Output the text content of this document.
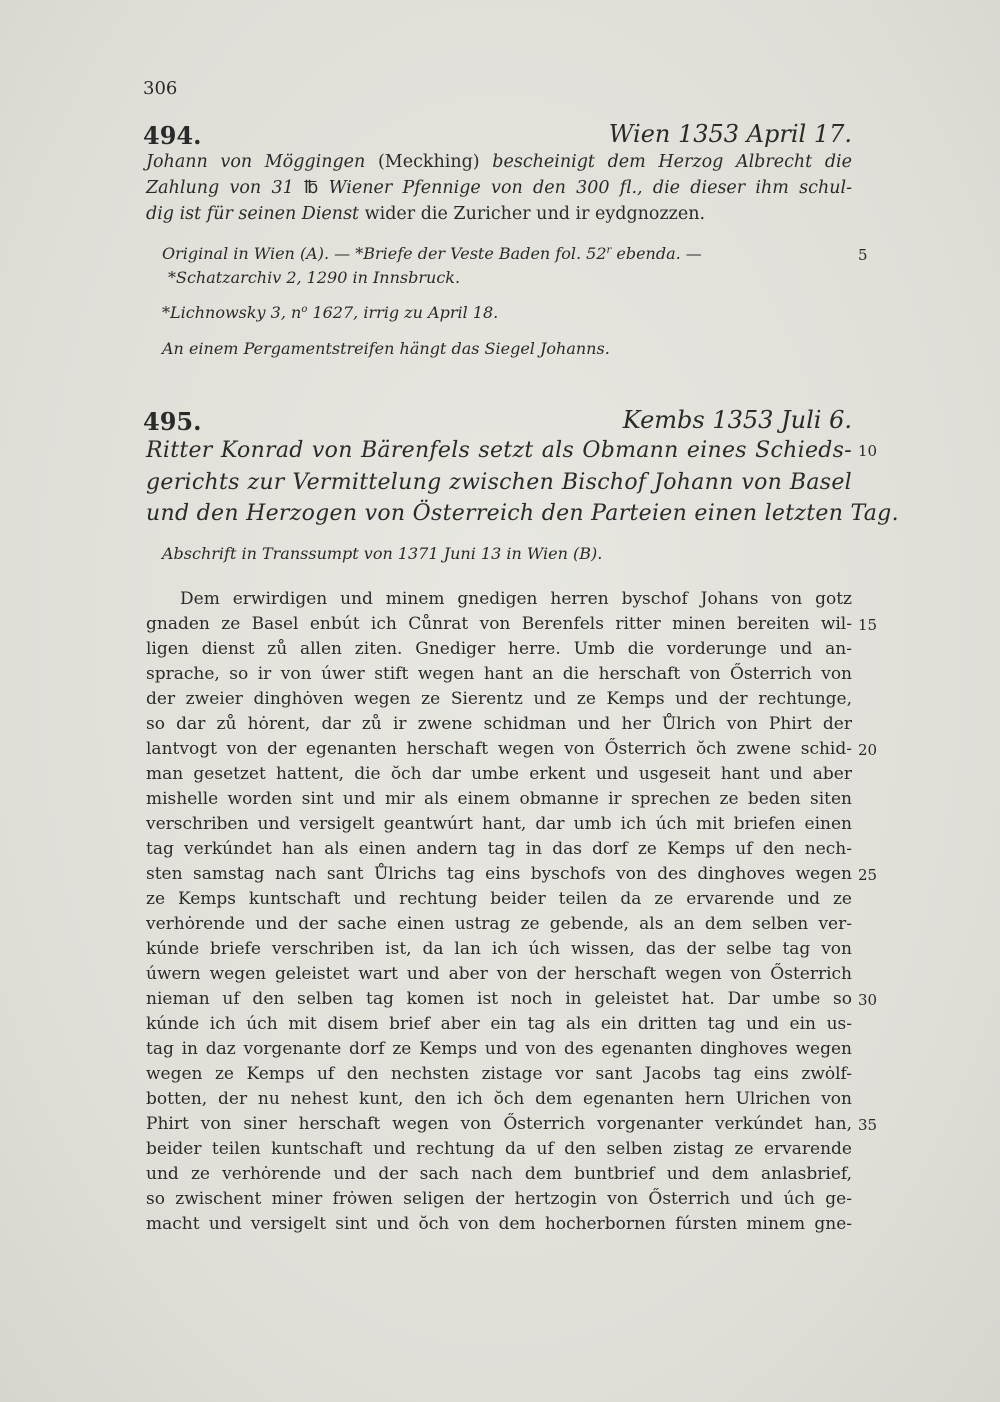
306
494.	Wien 1353 April 17.
Johann von Möggingen (Meckhing) bescheinigt dem Herzog Albrecht die
Zahlung von 31 ℔ Wiener Pfennige von den 300 fl., die dieser ihm schul-
dig ist für seinen Dienst wider die Zuricher und ir eydgnozzen.
Original in Wien (A). — *Briefe der Veste Baden fol. 52$^r$ ebenda. —
*Schatzarchiv 2, 1290 in Innsbruck.
*Lichnowsky 3, $n^o$ 1627, irrig zu April 18.
An einem Pergamentstreifen hängt das Siegel Johanns.
495.	Kembs 1353 Juli 6.
Ritter Konrad von Bärenfels setzt als Obmann eines Schieds-
gerichts zur Vermittelung zwischen Bischof Johann von Basel
und den Herzogen von Österreich den Parteien einen letzten Tag.
Abschrift in Transsumpt von 1371 Juni 13 in Wien (B).
Dem erwirdigen und minem gnedigen herren byschof Johans von gotz
gnaden ze Basel enbút ich Cůnrat von Berenfels ritter minen bereiten wil-
ligen dienst zů allen ziten. Gnediger herre. Umb die vorderunge und an-
sprache, so ir von úwer stift wegen hant an die herschaft von Ősterrich von
der zweier dinghȯven wegen ze Sierentz und ze Kemps und der rechtunge,
so dar zů hȯrent, dar zů ir zwene schidman und her Ůlrich von Phirt der
lantvogt von der egenanten herschaft wegen von Ősterrich ŏch zwene schid-
man gesetzet hattent, die ŏch dar umbe erkent und usgeseit hant und aber
mishelle worden sint und mir als einem obmanne ir sprechen ze beden siten
verschriben und versigelt geantwúrt hant, dar umb ich úch mit briefen einen
tag verkúndet han als einen andern tag in das dorf ze Kemps uf den nech-
sten samstag nach sant Ůlrichs tag eins byschofs von des dinghoves wegen
ze Kemps kuntschaft und rechtung beider teilen da ze ervarende und ze
verhȯrende und der sache einen ustrag ze gebende, als an dem selben ver-
kúnde briefe verschriben ist, da lan ich úch wissen, das der selbe tag von
úwern wegen geleistet wart und aber von der herschaft wegen von Ősterrich
nieman uf den selben tag komen ist noch in geleistet hat. Dar umbe so
kúnde ich úch mit disem brief aber ein tag als ein dritten tag und ein us-
tag in daz vorgenante dorf ze Kemps und von des egenanten dinghoves wegen
wegen ze Kemps uf den nechsten zistage vor sant Jacobs tag eins zwȯlf-
botten, der nu nehest kunt, den ich ŏch dem egenanten hern Ulrichen von
Phirt von siner herschaft wegen von Ősterrich vorgenanter verkúndet han,
beider teilen kuntschaft und rechtung da uf den selben zistag ze ervarende
und ze verhȯrende und der sach nach dem buntbrief und dem anlasbrief,
so zwischent miner frȯwen seligen der hertzogin von Ősterrich und úch ge-
macht und versigelt sint und ŏch von dem hocherbornen fúrsten minem gne-
5
10
15
20
25
30
35
